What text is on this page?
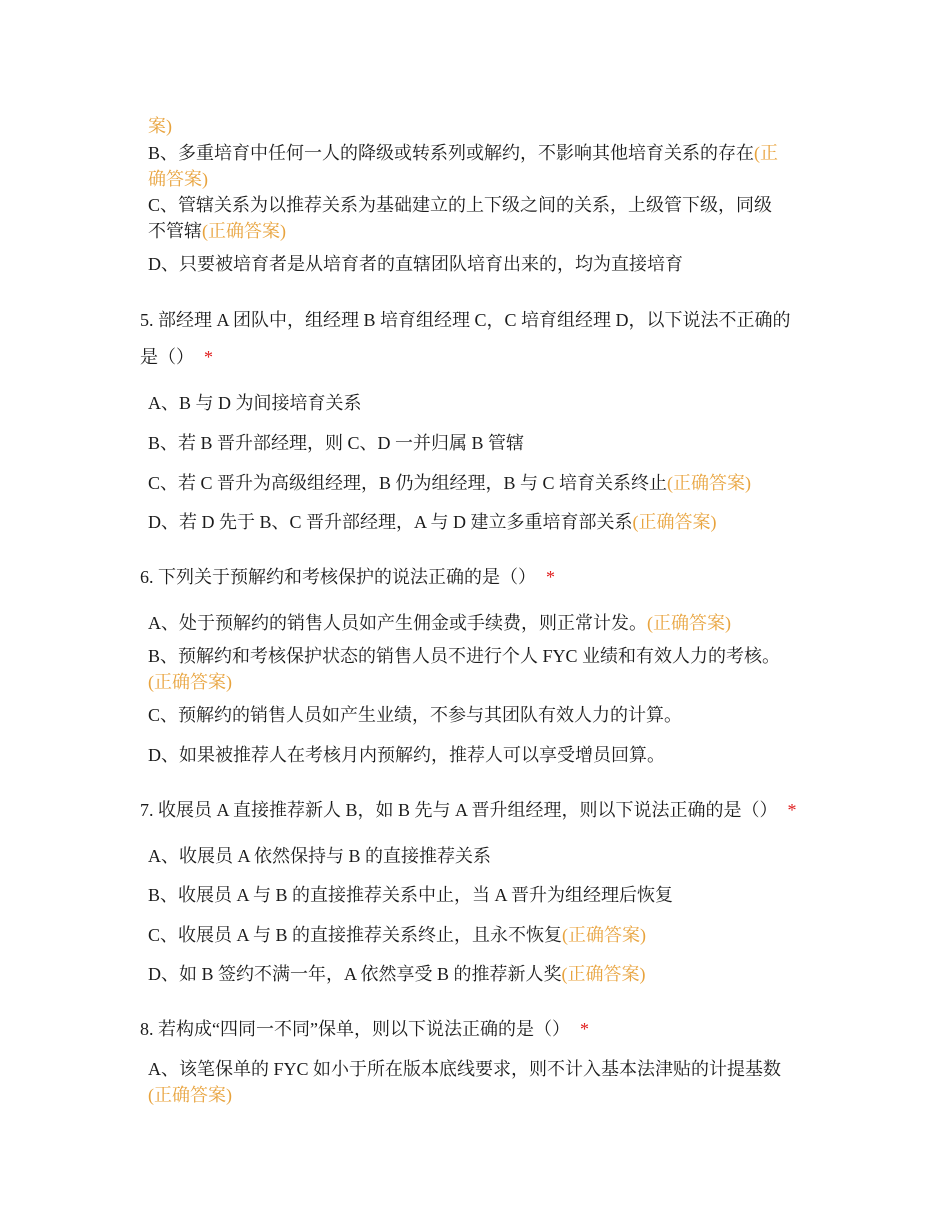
案)
B、多重培育中任何一人的降级或转系列或解约，不影响其他培育关系的存在(正
确答案)
C、管辖关系为以推荐关系为基础建立的上下级之间的关系，上级管下级，同级
不管辖(正确答案)
D、只要被培育者是从培育者的直辖团队培育出来的，均为直接培育
5. 部经理 A 团队中，组经理 B 培育组经理 C，C 培育组经理 D，以下说法不正确的
是（） *
A、B 与 D 为间接培育关系
B、若 B 晋升部经理，则 C、D 一并归属 B 管辖
C、若 C 晋升为高级组经理，B 仍为组经理，B 与 C 培育关系终止(正确答案)
D、若 D 先于 B、C 晋升部经理，A 与 D 建立多重培育部关系(正确答案)
6. 下列关于预解约和考核保护的说法正确的是（） *
A、处于预解约的销售人员如产生佣金或手续费，则正常计发。(正确答案)
B、预解约和考核保护状态的销售人员不进行个人 FYC 业绩和有效人力的考核。
(正确答案)
C、预解约的销售人员如产生业绩，不参与其团队有效人力的计算。
D、如果被推荐人在考核月内预解约，推荐人可以享受增员回算。
7. 收展员 A 直接推荐新人 B，如 B 先与 A 晋升组经理，则以下说法正确的是（） *
A、收展员 A 依然保持与 B 的直接推荐关系
B、收展员 A 与 B 的直接推荐关系中止，当 A 晋升为组经理后恢复
C、收展员 A 与 B 的直接推荐关系终止，且永不恢复(正确答案)
D、如 B 签约不满一年，A 依然享受 B 的推荐新人奖(正确答案)
8. 若构成“四同一不同”保单，则以下说法正确的是（） *
A、该笔保单的 FYC 如小于所在版本底线要求，则不计入基本法津贴的计提基数
(正确答案)
